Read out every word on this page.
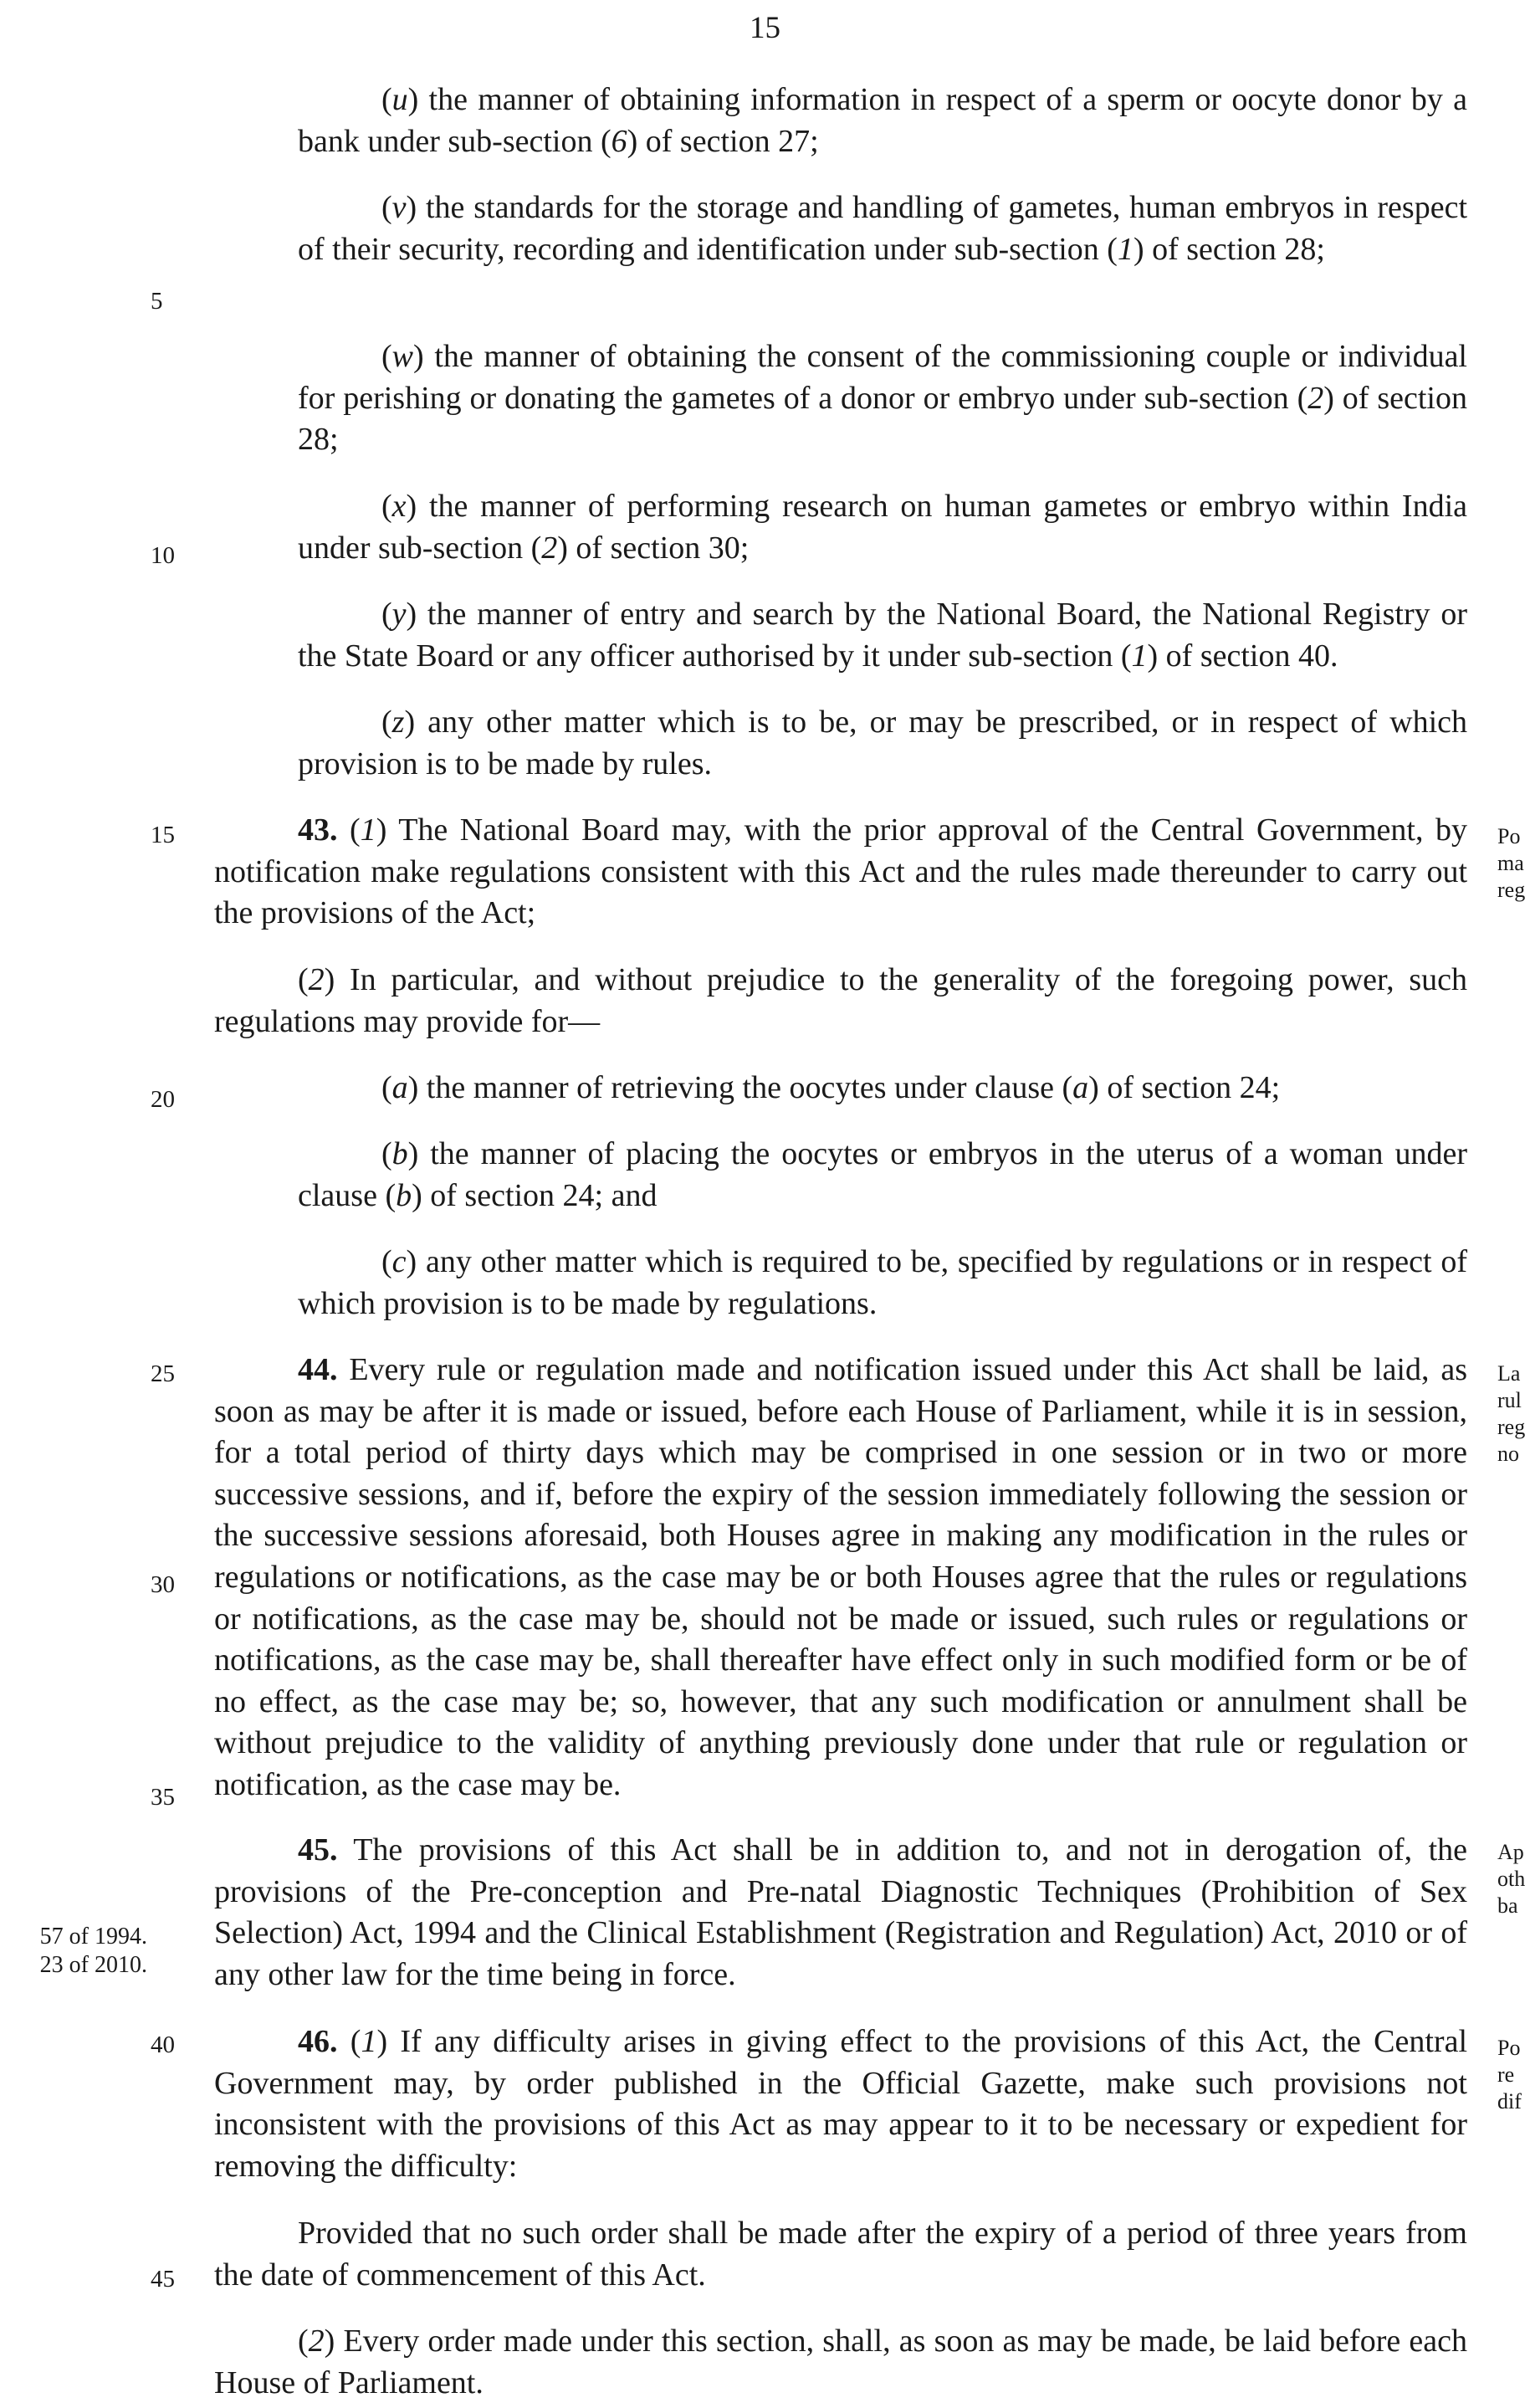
15
5
10
15
20
25
30
35
40
45
57 of 1994.
23 of 2010.
Po
ma
reg
La
rul
reg
no
Ap
oth
ba
Po
re
dif

(u) the manner of obtaining information in respect of a sperm or oocyte donor by a bank under sub-section (6) of section 27;

(v) the standards for the storage and handling of gametes, human embryos in respect of their security, recording and identification under sub-section (1) of section 28;

(w) the manner of obtaining the consent of the commissioning couple or individual for perishing or donating the gametes of a donor or embryo under sub-section (2) of section 28;

(x) the manner of performing research on human gametes or embryo within India under sub-section (2) of section 30;

(y) the manner of entry and search by the National Board, the National Registry or the State Board or any officer authorised by it under sub-section (1) of section 40.

(z) any other matter which is to be, or may be prescribed, or in respect of which provision is to be made by rules.

43. (1) The National Board may, with the prior approval of the Central Government, by notification make regulations consistent with this Act and the rules made thereunder to carry out the provisions of the Act;

(2) In particular, and without prejudice to the generality of the foregoing power, such regulations may provide for—

(a) the manner of retrieving the oocytes under clause (a) of section 24;

(b) the manner of placing the oocytes or embryos in the uterus of a woman under clause (b) of section 24; and

(c) any other matter which is required to be, specified by regulations or in respect of which provision is to be made by regulations.

44. Every rule or regulation made and notification issued under this Act shall be laid, as soon as may be after it is made or issued, before each House of Parliament, while it is in session, for a total period of thirty days which may be comprised in one session or in two or more successive sessions, and if, before the expiry of the session immediately following the session or the successive sessions aforesaid, both Houses agree in making any modification in the rules or regulations or notifications, as the case may be or both Houses agree that the rules or regulations or notifications, as the case may be, should not be made or issued, such rules or regulations or notifications, as the case may be, shall thereafter have effect only in such modified form or be of no effect, as the case may be; so, however, that any such modification or annulment shall be without prejudice to the validity of anything previously done under that rule or regulation or notification, as the case may be.

45. The provisions of this Act shall be in addition to, and not in derogation of, the provisions of the Pre-conception and Pre-natal Diagnostic Techniques (Prohibition of Sex Selection) Act, 1994 and the Clinical Establishment (Registration and Regulation) Act, 2010 or of any other law for the time being in force.

46. (1) If any difficulty arises in giving effect to the provisions of this Act, the Central Government may, by order published in the Official Gazette, make such provisions not inconsistent with the provisions of this Act as may appear to it to be necessary or expedient for removing the difficulty:

Provided that no such order shall be made after the expiry of a period of three years from the date of commencement of this Act.

(2) Every order made under this section, shall, as soon as may be made, be laid before each House of Parliament.
